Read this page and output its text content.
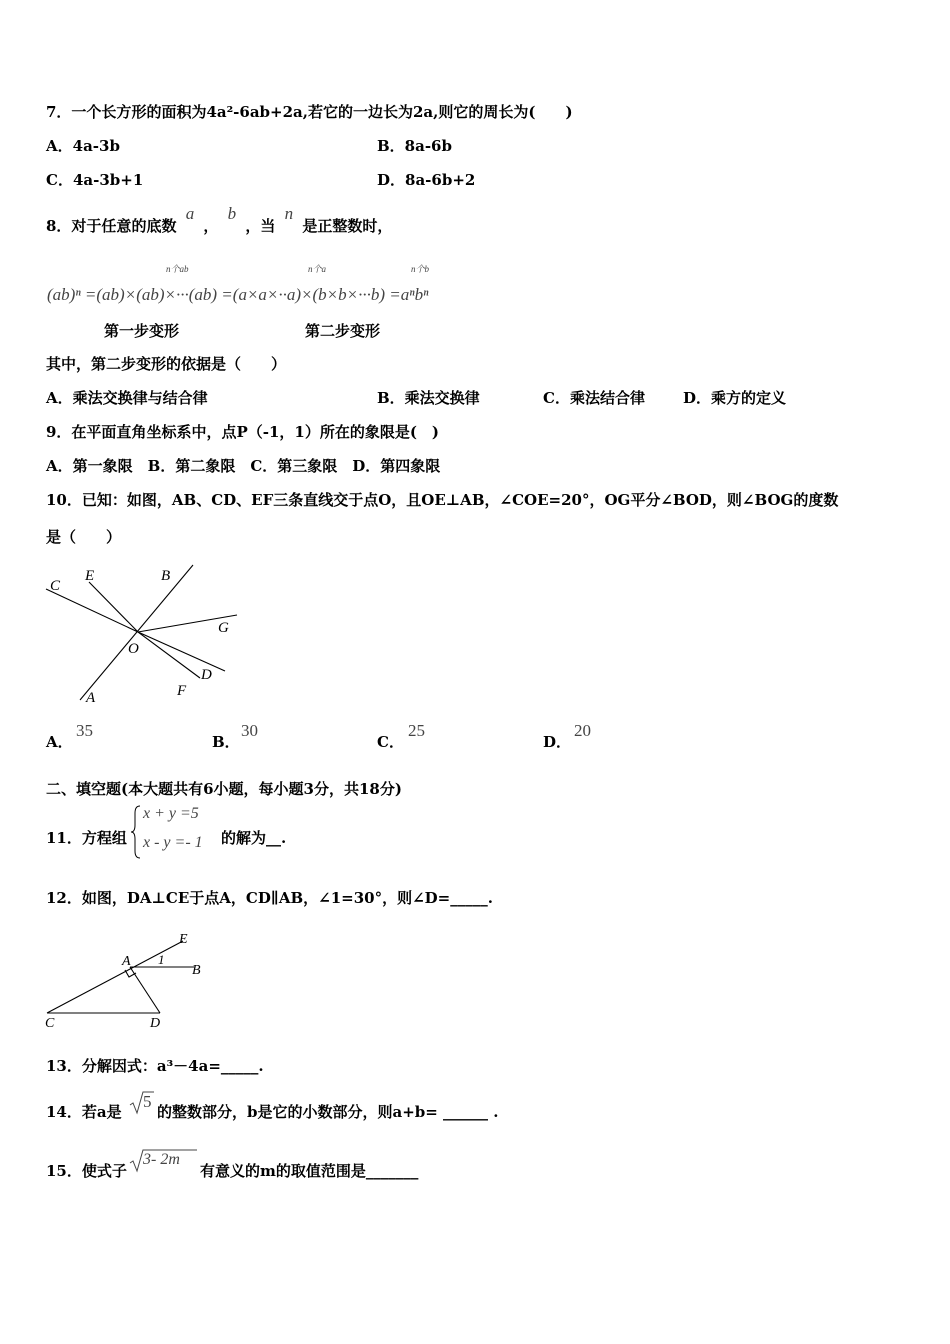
7．一个长方形的面积为4a²-6ab+2a,若它的一边长为2a,则它的周长为(　　)
A．4a-3b	B．8a-6b
C．4a-3b+1	D．8a-6b+2
8．对于任意的底数 a ， b ，当 n 是正整数时，
n个ab	n个a	n个b
(ab)ⁿ =(ab)×(ab)×···(ab) =(a×a×··a)×(b×b×···b) =aⁿbⁿ
第一步变形	第二步变形
其中，第二步变形的依据是（　　）
A．乘法交换律与结合律	B．乘法交换律	C．乘法结合律	D．乘方的定义
9．在平面直角坐标系中，点P（-1，1）所在的象限是(　)
A．第一象限　B．第二象限　C．第三象限　D．第四象限
10．已知：如图，AB、CD、EF三条直线交于点O，且OE⊥AB，∠COE=20°，OG平分∠BOD，则∠BOG的度数
是（　　）
C
E	B
G
O
D
F
A
A．
35
B．
30
C．
25
D．
20
二、填空题(本大题共有6小题，每小题3分，共18分)
11．方程组
x + y =5
x - y =- 1 的解为__.
12．如图，DA⊥CE于点A，CD∥AB，∠1=30°，则∠D=_____.
E
A 1
B
C	D
13．分解因式：a³－4a=_____.
14．若a是
5
的整数部分，b是它的小数部分，则a+b= ______ .
15．使式子
3- 2m
有意义的m的取值范围是_______
